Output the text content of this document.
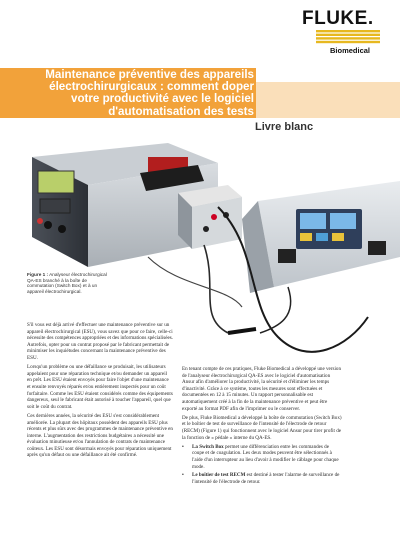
FLUKE.
Biomedical
Maintenance préventive des appareils
électrochirurgicaux : comment doper
votre productivité avec le logiciel
d'automatisation des tests
Livre blanc
Figure 1 : Analyseur électrochirurgical QA-ES branché à la boîte de commutation (Switch Box) et à un appareil électrochirurgical.

S'il vous est déjà arrivé d'effectuer une maintenance préventive sur un appareil électrochirurgical (ESU), vous savez que pour ce faire, celle-ci nécessite des compétences appropriées et des informations spécialisées. Autrefois, opter pour un contrat proposé par le fabricant permettait de minimiser les inquiétudes concernant la maintenance préventive des ESU.

Lorsqu'un problème ou une défaillance se produisait, les utilisateurs appelaient pour une réparation technique et/ou demander un appareil en prêt. Les ESU étaient envoyés pour faire l'objet d'une maintenance et ensuite renvoyés réparés et/ou entièrement inspectés pour un coût forfaitaire. Comme les ESU étaient considérés comme des équipements dangereux, seul le fabricant était autorisé à toucher l'appareil, quel que soit le coût du contrat.

Ces dernières années, la sécurité des ESU s'est considérablement améliorée. La plupart des hôpitaux possèdent des appareils ESU plus récents et plus sûrs avec des programmes de maintenance préventive en interne. L'augmentation des restrictions budgétaires a nécessité une évaluation minutieuse et/ou l'annulation de contrats de maintenance coûteux. Les ESU sont désormais envoyés pour réparation uniquement après qu'un défaut ou une défaillance ait été confirmé.

En tenant compte de ces pratiques, Fluke Biomedical a développé une version de l'analyseur électrochirurgical QA-ES avec le logiciel d'automatisation Ansur afin d'améliorer la productivité, la sécurité et d'éliminer les temps d'inactivité. Grâce à ce système, toutes les mesures sont effectuées et documentées en 12 à 15 minutes. Un rapport personnalisable est automatiquement créé à la fin de la maintenance préventive et peut être exporté au format PDF afin de l'imprimer ou le conserver.

De plus, Fluke Biomedical a développé la boîte de commutation (Switch Box) et le boîtier de test de surveillance de l'intensité de l'électrode de retour (RECM) (Figure 1) qui fonctionnent avec le logiciel Ansur pour tirer profit de la fonction de « pédale » interne du QA-ES.

• La Switch Box permet une différenciation entre les commandes de coupe et de coagulation. Les deux modes peuvent être sélectionnés à l'aide d'un interrupteur au lieu d'avoir à modifier le câblage pour chaque mode.
• Le boîtier de test RECM est destiné à tester l'alarme de surveillance de l'intensité de l'électrode de retour.
